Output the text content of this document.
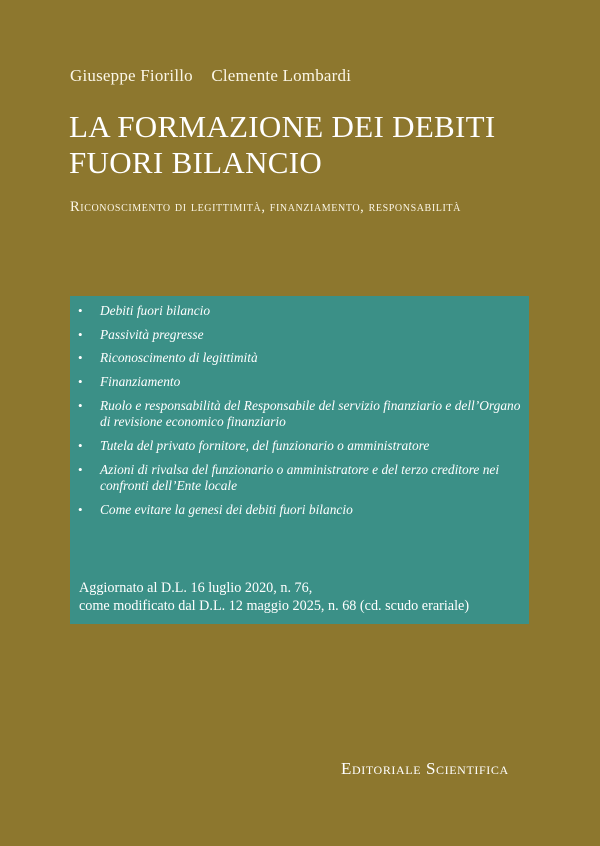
Giuseppe Fiorillo Clemente Lombardi
LA FORMAZIONE DEI DEBITI
FUORI BILANCIO
Riconoscimento di legittimità, finanziamento, responsabilità
• Debiti fuori bilancio
• Passività pregresse
• Riconoscimento di legittimità
• Finanziamento
• Ruolo e responsabilità del Responsabile del servizio finanziario e dell’Organo di revisione economico finanziario
• Tutela del privato fornitore, del funzionario o amministratore
• Azioni di rivalsa del funzionario o amministratore e del terzo creditore nei confronti dell’Ente locale
• Come evitare la genesi dei debiti fuori bilancio
Aggiornato al D.L. 16 luglio 2020, n. 76,
come modificato dal D.L. 12 maggio 2025, n. 68 (cd. scudo erariale)
Editoriale Scientifica
